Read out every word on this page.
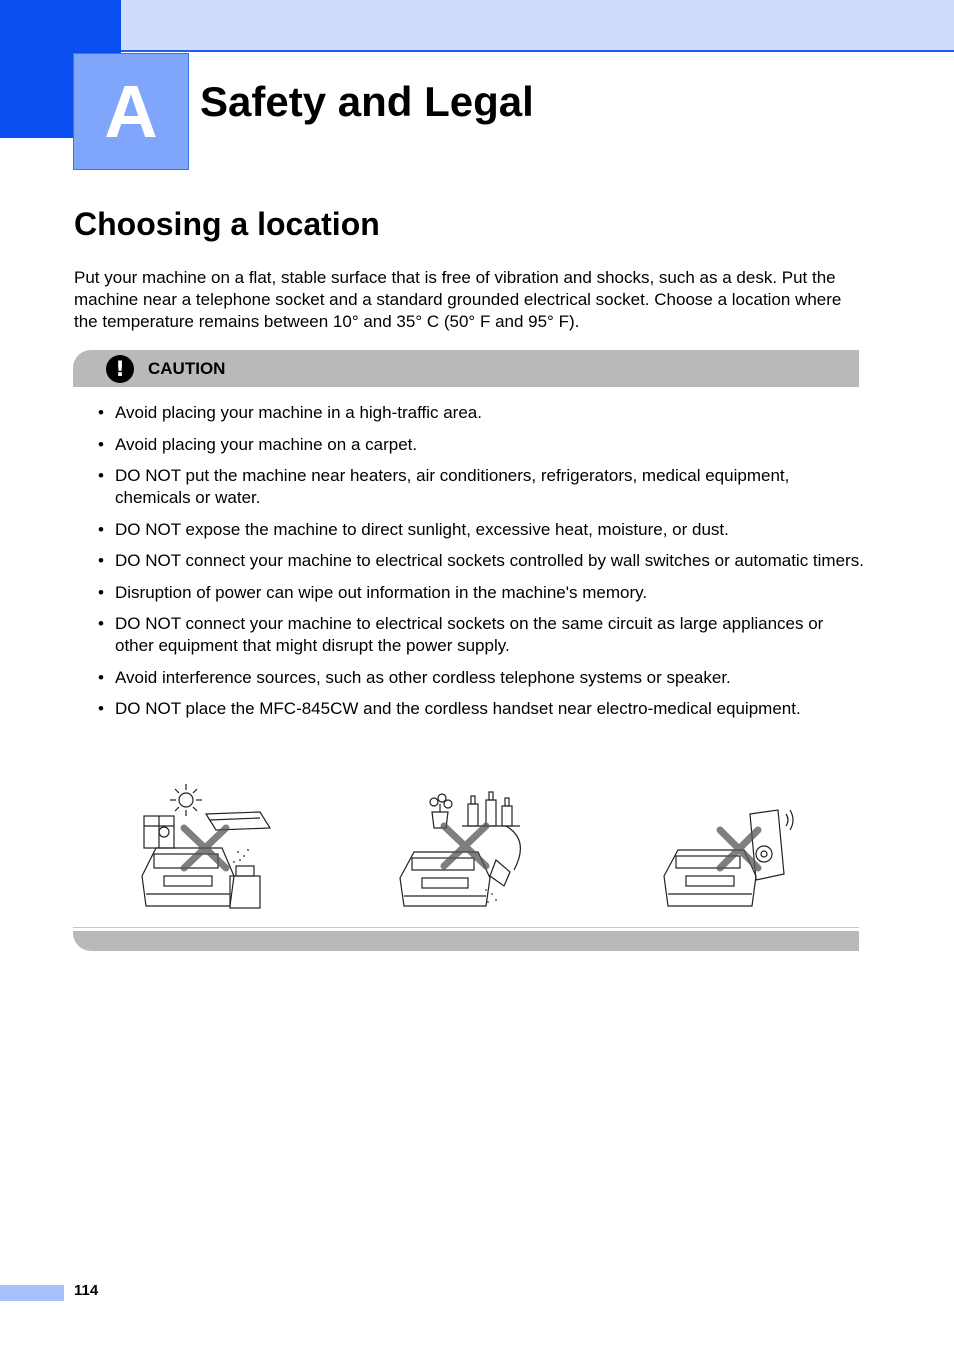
A Safety and Legal
Choosing a location

Put your machine on a flat, stable surface that is free of vibration and shocks, such as a desk. Put the machine near a telephone socket and a standard grounded electrical socket. Choose a location where the temperature remains between 10° and 35° C (50° F and 95° F).

!	CAUTION
• Avoid placing your machine in a high-traffic area.
• Avoid placing your machine on a carpet.
• DO NOT put the machine near heaters, air conditioners, refrigerators, medical equipment, chemicals or water.
• DO NOT expose the machine to direct sunlight, excessive heat, moisture, or dust.
• DO NOT connect your machine to electrical sockets controlled by wall switches or automatic timers.
• Disruption of power can wipe out information in the machine's memory.
• DO NOT connect your machine to electrical sockets on the same circuit as large appliances or other equipment that might disrupt the power supply.
• Avoid interference sources, such as other cordless telephone systems or speaker.
• DO NOT place the MFC-845CW and the cordless handset near electro-medical equipment.
114
